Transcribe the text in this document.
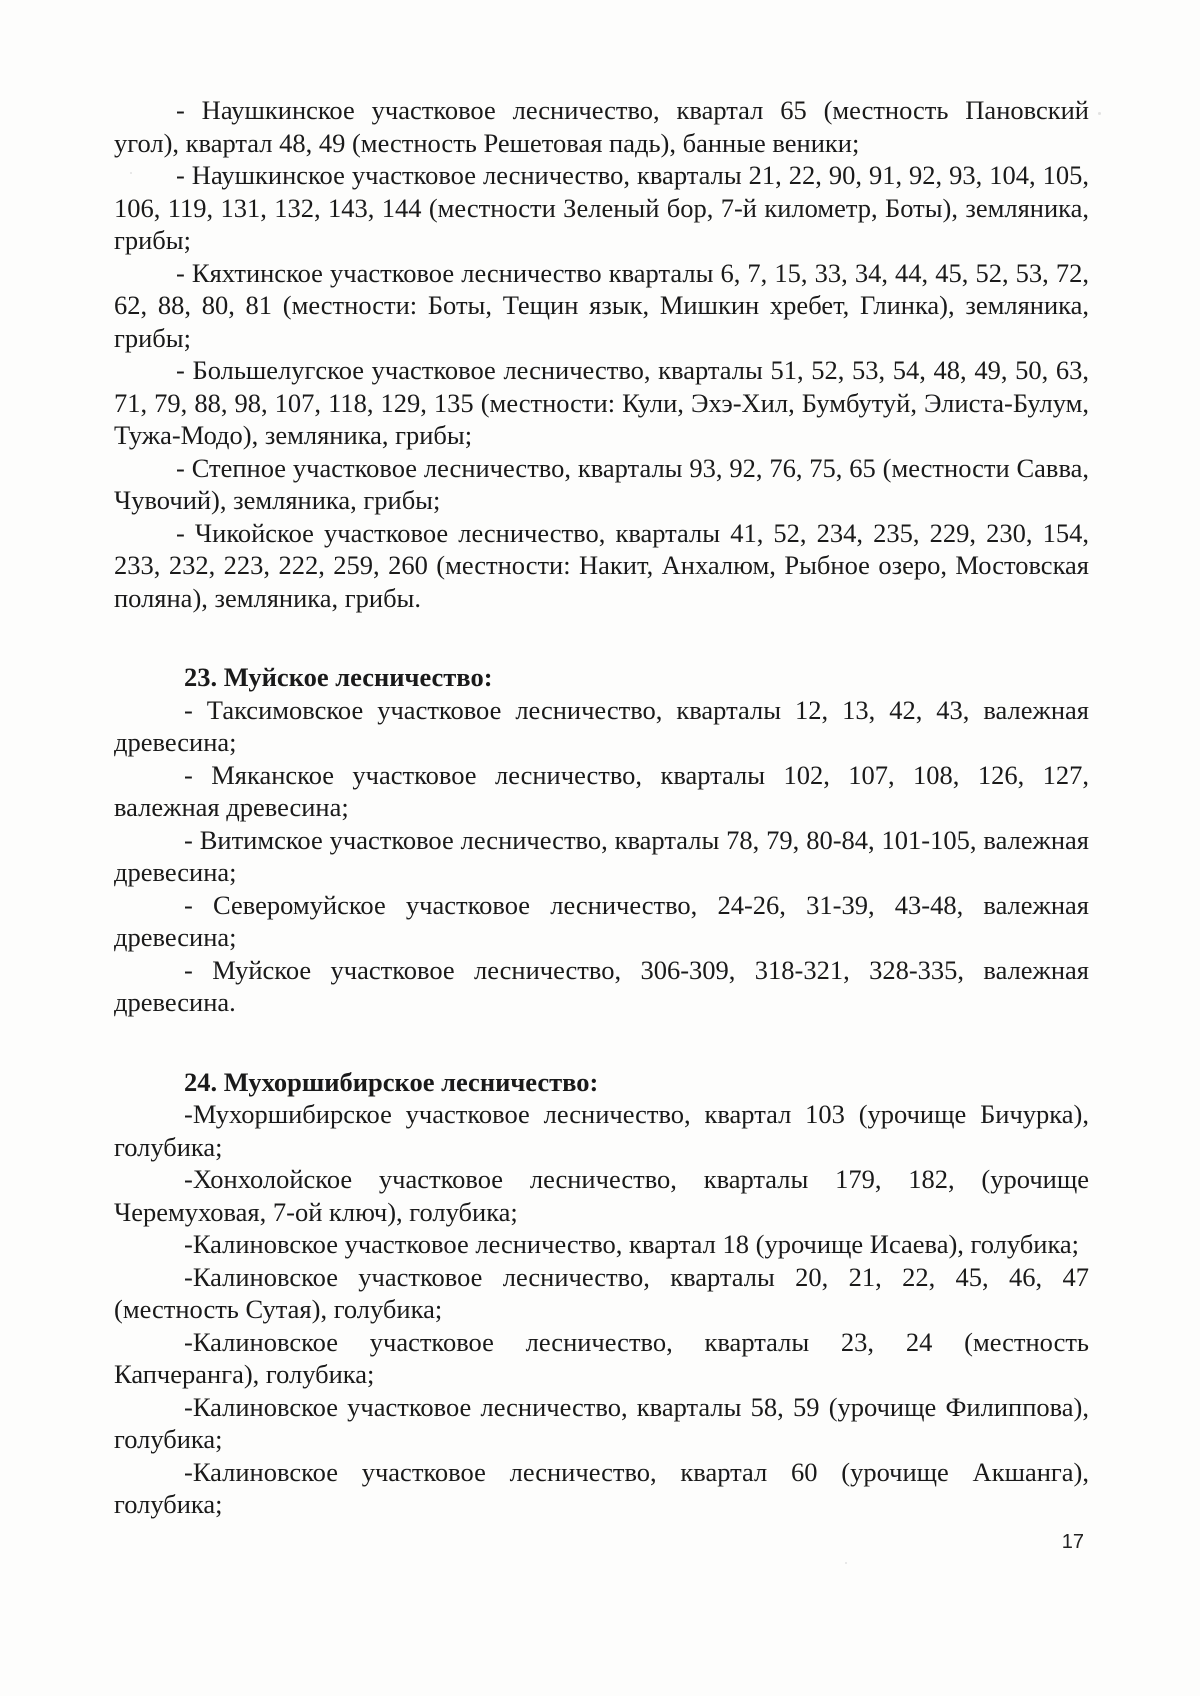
- Наушкинское участковое лесничество, квартал 65 (местность Пановский угол), квартал 48, 49 (местность Решетовая падь), банные веники;

- Наушкинское участковое лесничество, кварталы 21, 22, 90, 91, 92, 93, 104, 105, 106, 119, 131, 132, 143, 144 (местности Зеленый бор, 7-й километр, Боты), земляника, грибы;

- Кяхтинское участковое лесничество кварталы 6, 7, 15, 33, 34, 44, 45, 52, 53, 72, 62, 88, 80, 81 (местности: Боты, Тещин язык, Мишкин хребет, Глинка), земляника, грибы;

- Большелугское участковое лесничество, кварталы 51, 52, 53, 54, 48, 49, 50, 63, 71, 79, 88, 98, 107, 118, 129, 135 (местности: Кули, Эхэ-Хил, Бумбутуй, Элиста-Булум, Тужа-Модо), земляника, грибы;

- Степное участковое лесничество, кварталы 93, 92, 76, 75, 65 (местности Савва, Чувочий), земляника, грибы;

- Чикойское участковое лесничество, кварталы 41, 52, 234, 235, 229, 230, 154, 233, 232, 223, 222, 259, 260 (местности: Накит, Анхалюм, Рыбное озеро, Мостовская поляна), земляника, грибы.

23. Муйское лесничество:

- Таксимовское участковое лесничество, кварталы 12, 13, 42, 43, валежная древесина;

- Мяканское участковое лесничество, кварталы 102, 107, 108, 126, 127, валежная древесина;

- Витимское участковое лесничество, кварталы 78, 79, 80-84, 101-105, валежная древесина;

- Северомуйское участковое лесничество, 24-26, 31-39, 43-48, валежная древесина;

- Муйское участковое лесничество, 306-309, 318-321, 328-335, валежная древесина.

24. Мухоршибирское лесничество:

-Мухоршибирское участковое лесничество, квартал 103 (урочище Бичурка), голубика;

-Хонхолойское участковое лесничество, кварталы 179, 182, (урочище Черемуховая, 7-ой ключ), голубика;

-Калиновское участковое лесничество, квартал 18 (урочище Исаева), голубика;

-Калиновское участковое лесничество, кварталы 20, 21, 22, 45, 46, 47 (местность Сутая), голубика;

-Калиновское участковое лесничество, кварталы 23, 24 (местность Капчеранга), голубика;

-Калиновское участковое лесничество, кварталы 58, 59 (урочище Филиппова), голубика;

-Калиновское участковое лесничество, квартал 60 (урочище Акшанга), голубика;

17
